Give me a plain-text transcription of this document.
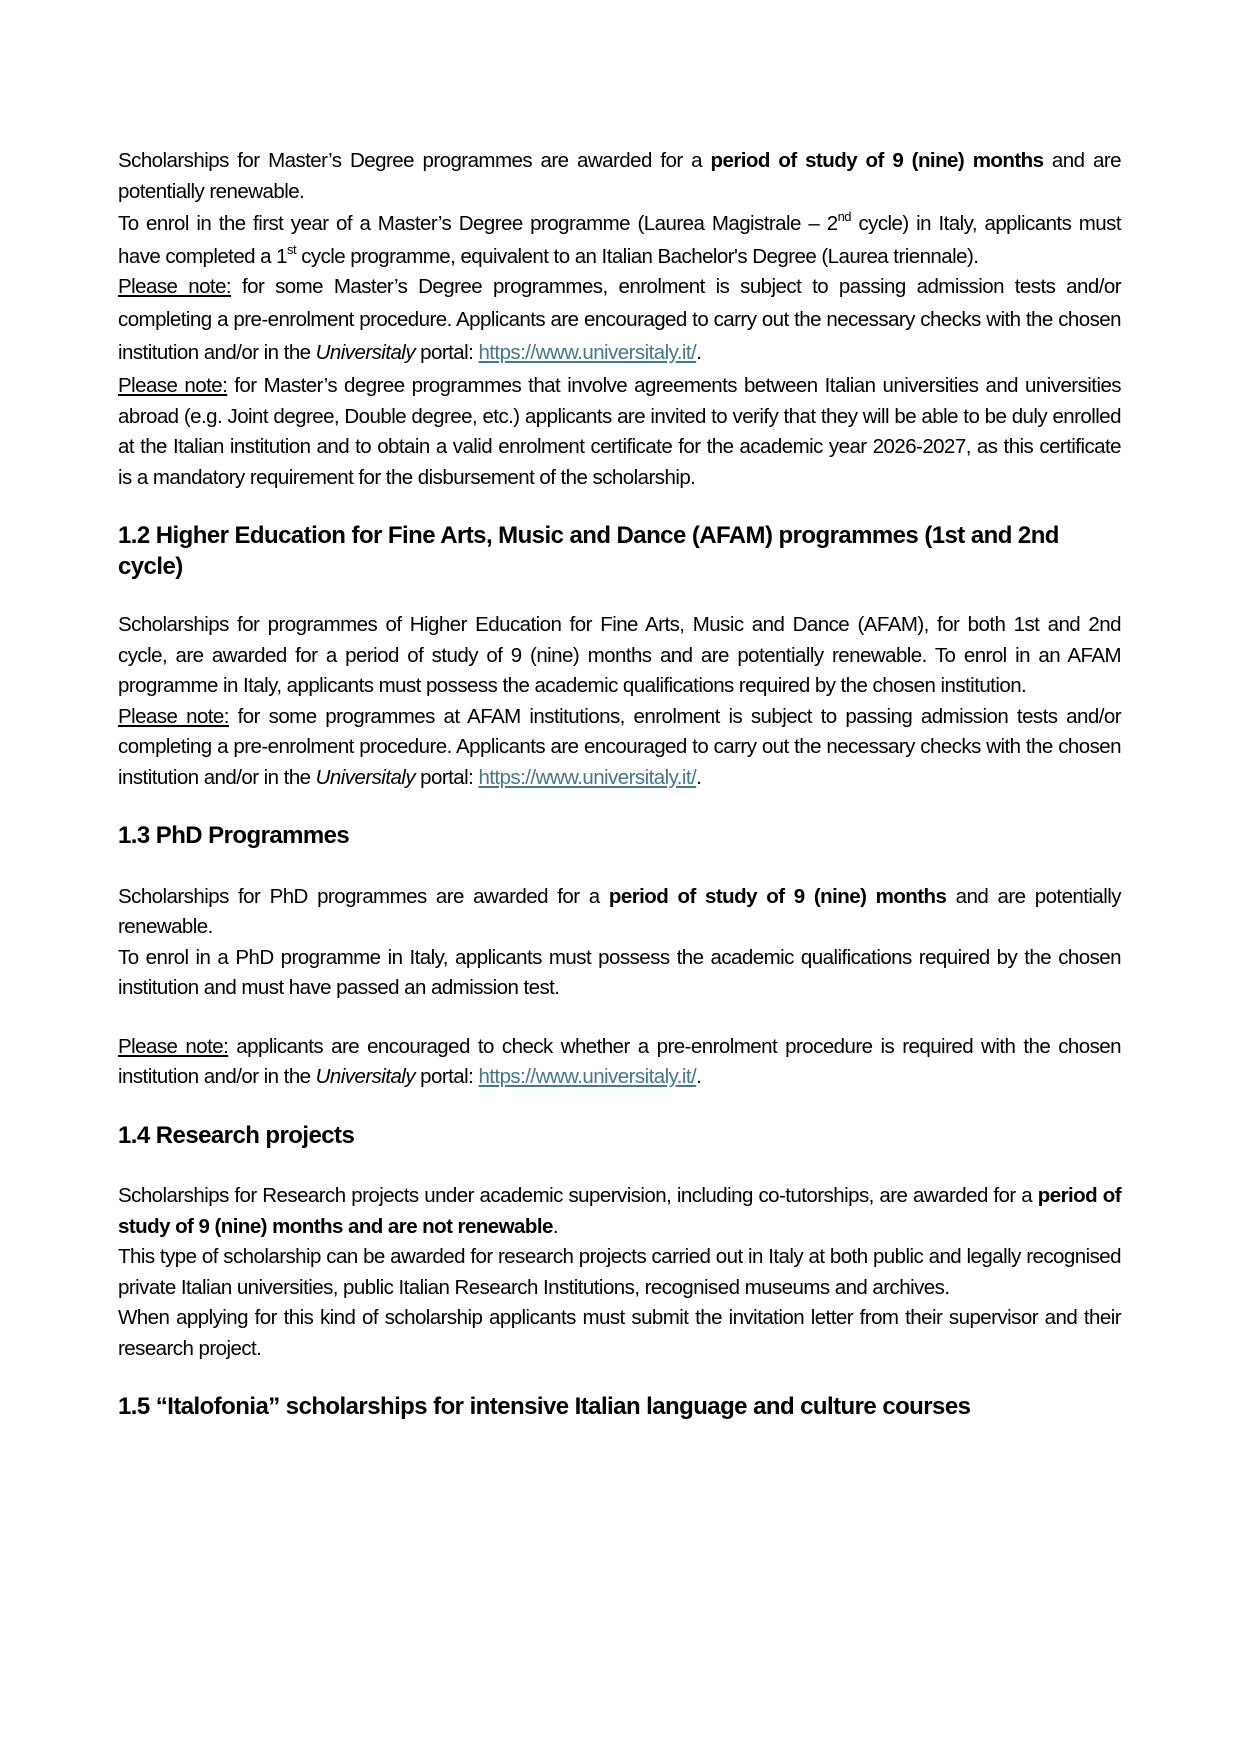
Scholarships for Master’s Degree programmes are awarded for a period of study of 9 (nine) months and are potentially renewable.

To enrol in the first year of a Master’s Degree programme (Laurea Magistrale – 2nd cycle) in Italy, applicants must have completed a 1st cycle programme, equivalent to an Italian Bachelor's Degree (Laurea triennale).

Please note: for some Master’s Degree programmes, enrolment is subject to passing admission tests and/or completing a pre-enrolment procedure. Applicants are encouraged to carry out the necessary checks with the chosen institution and/or in the Universitaly portal: https://www.universitaly.it/.

Please note: for Master’s degree programmes that involve agreements between Italian universities and universities abroad (e.g. Joint degree, Double degree, etc.) applicants are invited to verify that they will be able to be duly enrolled at the Italian institution and to obtain a valid enrolment certificate for the academic year 2026-2027, as this certificate is a mandatory requirement for the disbursement of the scholarship.

1.2 Higher Education for Fine Arts, Music and Dance (AFAM) programmes (1st and 2nd cycle)

Scholarships for programmes of Higher Education for Fine Arts, Music and Dance (AFAM), for both 1st and 2nd cycle, are awarded for a period of study of 9 (nine) months and are potentially renewable. To enrol in an AFAM programme in Italy, applicants must possess the academic qualifications required by the chosen institution.

Please note: for some programmes at AFAM institutions, enrolment is subject to passing admission tests and/or completing a pre-enrolment procedure. Applicants are encouraged to carry out the necessary checks with the chosen institution and/or in the Universitaly portal: https://www.universitaly.it/.

1.3 PhD Programmes

Scholarships for PhD programmes are awarded for a period of study of 9 (nine) months and are potentially renewable.

To enrol in a PhD programme in Italy, applicants must possess the academic qualifications required by the chosen institution and must have passed an admission test.

Please note: applicants are encouraged to check whether a pre-enrolment procedure is required with the chosen institution and/or in the Universitaly portal: https://www.universitaly.it/.

1.4 Research projects

Scholarships for Research projects under academic supervision, including co-tutorships, are awarded for a period of study of 9 (nine) months and are not renewable.

This type of scholarship can be awarded for research projects carried out in Italy at both public and legally recognised private Italian universities, public Italian Research Institutions, recognised museums and archives.

When applying for this kind of scholarship applicants must submit the invitation letter from their supervisor and their research project.

1.5 “Italofonia” scholarships for intensive Italian language and culture courses
